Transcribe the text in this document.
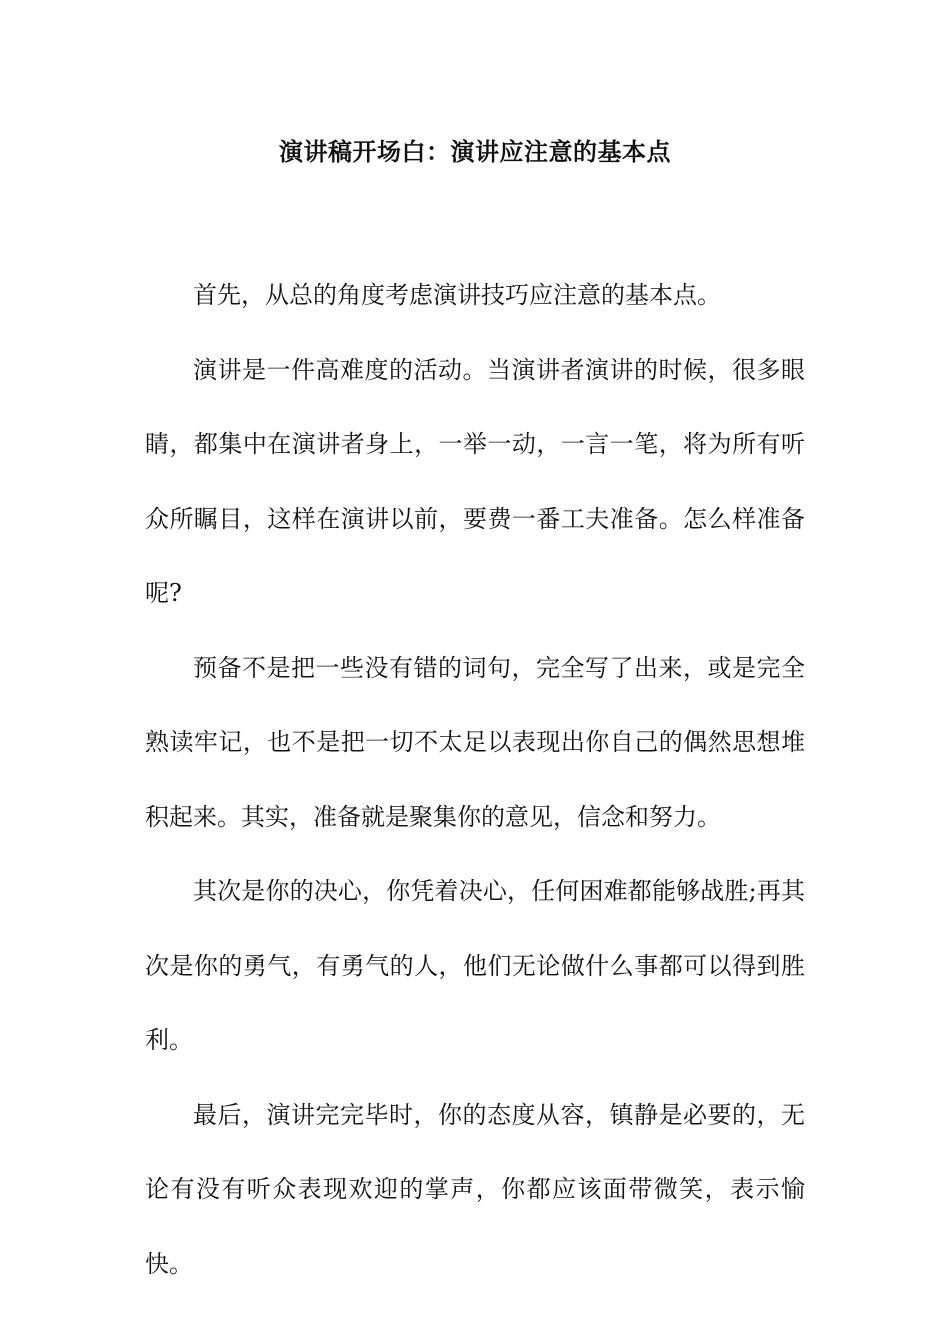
演讲稿开场白：演讲应注意的基本点

首先，从总的角度考虑演讲技巧应注意的基本点。

演讲是一件高难度的活动。当演讲者演讲的时候，很多眼睛，都集中在演讲者身上，一举一动，一言一笔，将为所有听众所瞩目，这样在演讲以前，要费一番工夫准备。怎么样准备呢?

预备不是把一些没有错的词句，完全写了出来，或是完全熟读牢记，也不是把一切不太足以表现出你自己的偶然思想堆积起来。其实，准备就是聚集你的意见，信念和努力。

其次是你的决心，你凭着决心，任何困难都能够战胜;再其次是你的勇气，有勇气的人，他们无论做什么事都可以得到胜利。

最后，演讲完完毕时，你的态度从容，镇静是必要的，无论有没有听众表现欢迎的掌声，你都应该面带微笑，表示愉快。
